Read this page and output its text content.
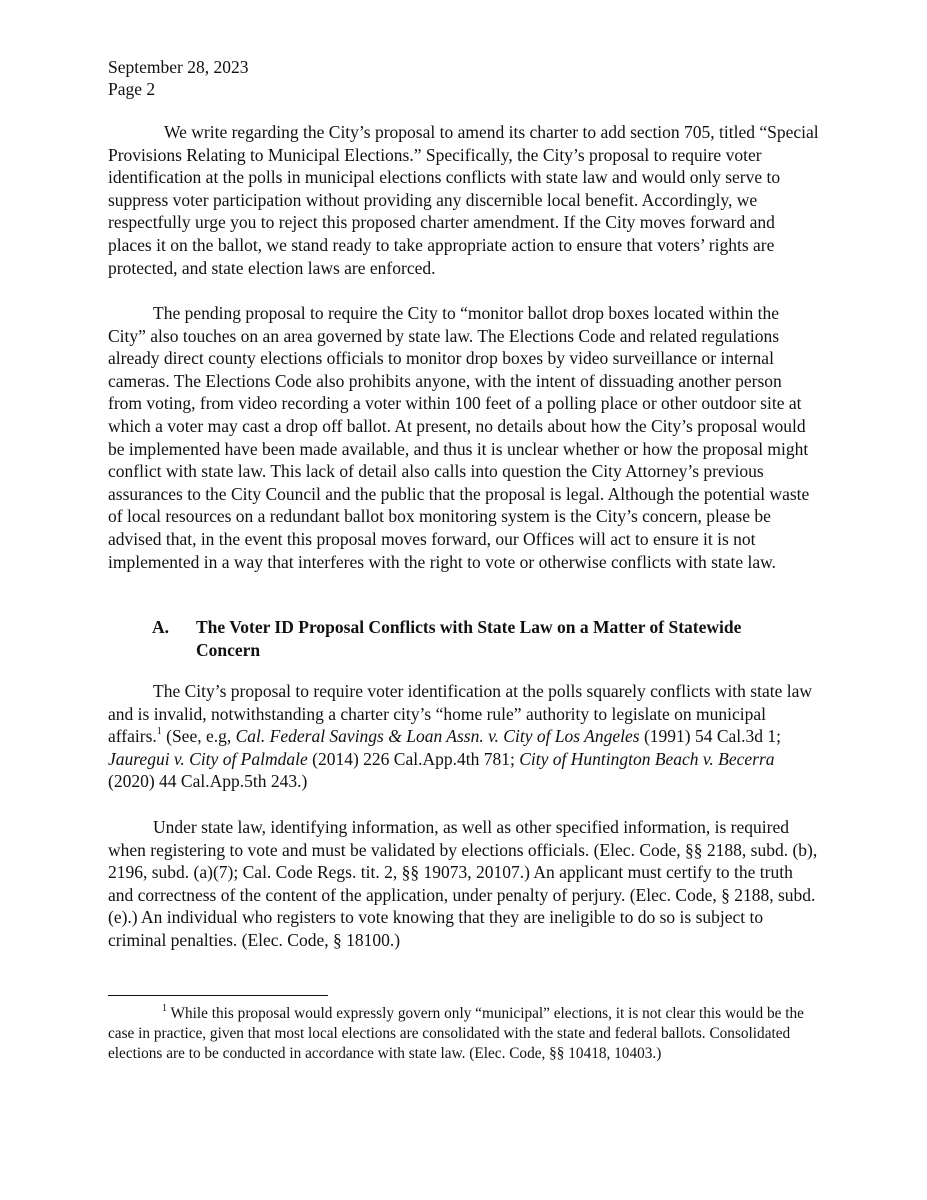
September 28, 2023
Page 2

We write regarding the City’s proposal to amend its charter to add section 705, titled “Special Provisions Relating to Municipal Elections.” Specifically, the City’s proposal to require voter identification at the polls in municipal elections conflicts with state law and would only serve to suppress voter participation without providing any discernible local benefit. Accordingly, we respectfully urge you to reject this proposed charter amendment. If the City moves forward and places it on the ballot, we stand ready to take appropriate action to ensure that voters’ rights are protected, and state election laws are enforced.

The pending proposal to require the City to “monitor ballot drop boxes located within the City” also touches on an area governed by state law. The Elections Code and related regulations already direct county elections officials to monitor drop boxes by video surveillance or internal cameras. The Elections Code also prohibits anyone, with the intent of dissuading another person from voting, from video recording a voter within 100 feet of a polling place or other outdoor site at which a voter may cast a drop off ballot. At present, no details about how the City’s proposal would be implemented have been made available, and thus it is unclear whether or how the proposal might conflict with state law. This lack of detail also calls into question the City Attorney’s previous assurances to the City Council and the public that the proposal is legal. Although the potential waste of local resources on a redundant ballot box monitoring system is the City’s concern, please be advised that, in the event this proposal moves forward, our Offices will act to ensure it is not implemented in a way that interferes with the right to vote or otherwise conflicts with state law.

A. The Voter ID Proposal Conflicts with State Law on a Matter of Statewide Concern

The City’s proposal to require voter identification at the polls squarely conflicts with state law and is invalid, notwithstanding a charter city’s “home rule” authority to legislate on municipal affairs.$^1$ (See, e.g, Cal. Federal Savings & Loan Assn. v. City of Los Angeles (1991) 54 Cal.3d 1; Jauregui v. City of Palmdale (2014) 226 Cal.App.4th 781; City of Huntington Beach v. Becerra (2020) 44 Cal.App.5th 243.)

Under state law, identifying information, as well as other specified information, is required when registering to vote and must be validated by elections officials. (Elec. Code, §§ 2188, subd. (b), 2196, subd. (a)(7); Cal. Code Regs. tit. 2, §§ 19073, 20107.) An applicant must certify to the truth and correctness of the content of the application, under penalty of perjury. (Elec. Code, § 2188, subd. (e).) An individual who registers to vote knowing that they are ineligible to do so is subject to criminal penalties. (Elec. Code, § 18100.)

$^1$ While this proposal would expressly govern only “municipal” elections, it is not clear this would be the case in practice, given that most local elections are consolidated with the state and federal ballots. Consolidated elections are to be conducted in accordance with state law. (Elec. Code, §§ 10418, 10403.)
